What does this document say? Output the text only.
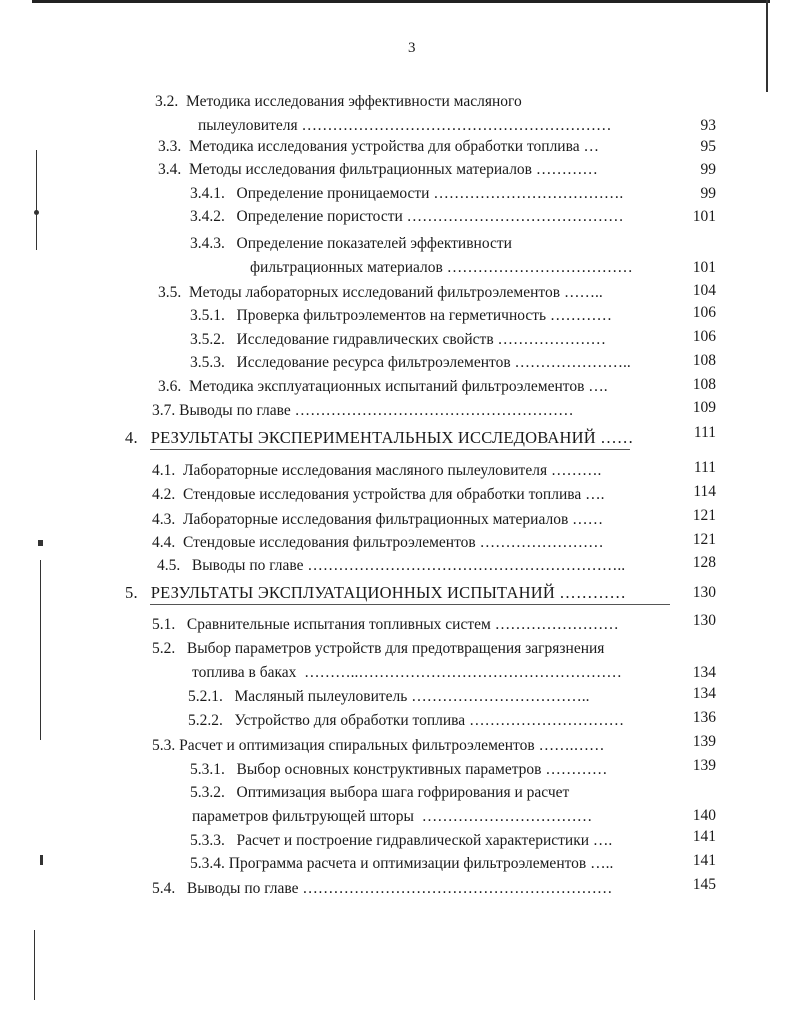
3
3.2. Методика исследования эффективности масляного
пылеуловителя ……………………………………………………	93
3.3. Методика исследования устройства для обработки топлива …	95
3.4. Методы исследования фильтрационных материалов …………	99
3.4.1. Определение проницаемости ……………………………….	99
3.4.2. Определение пористости ……………………………………	101
3.4.3. Определение показателей эффективности
фильтрационных материалов ………………………………	101
3.5. Методы лабораторных исследований фильтроэлементов ……..	104
3.5.1. Проверка фильтроэлементов на герметичность …………	106
3.5.2. Исследование гидравлических свойств …………………	106
3.5.3. Исследование ресурса фильтроэлементов …………………..	108
3.6. Методика эксплуатационных испытаний фильтроэлементов ….	108
3.7. Выводы по главе ………………………………………………	109
4. РЕЗУЛЬТАТЫ ЭКСПЕРИМЕНТАЛЬНЫХ ИССЛЕДОВАНИЙ ……	111
4.1. Лабораторные исследования масляного пылеуловителя ……….	111
4.2. Стендовые исследования устройства для обработки топлива ….	114
4.3. Лабораторные исследования фильтрационных материалов ……	121
4.4. Стендовые исследования фильтроэлементов ……………………	121
4.5. Выводы по главе ……………………………………………………..	128
5. РЕЗУЛЬТАТЫ ЭКСПЛУАТАЦИОННЫХ ИСПЫТАНИЙ …………	130
5.1. Сравнительные испытания топливных систем ……………………	130
5.2. Выбор параметров устройств для предотвращения загрязнения
топлива в баках ………..……………………………………………	134
5.2.1. Масляный пылеуловитель ……………………………..	134
5.2.2. Устройство для обработки топлива …………………………	136
5.3. Расчет и оптимизация спиральных фильтроэлементов …….……	139
5.3.1. Выбор основных конструктивных параметров …………	139
5.3.2. Оптимизация выбора шага гофрирования и расчет
параметров фильтрующей шторы ……………………………	140
5.3.3. Расчет и построение гидравлической характеристики ….	141
5.3.4. Программа расчета и оптимизации фильтроэлементов …..	141
5.4. Выводы по главе ……………………………………………………	145
